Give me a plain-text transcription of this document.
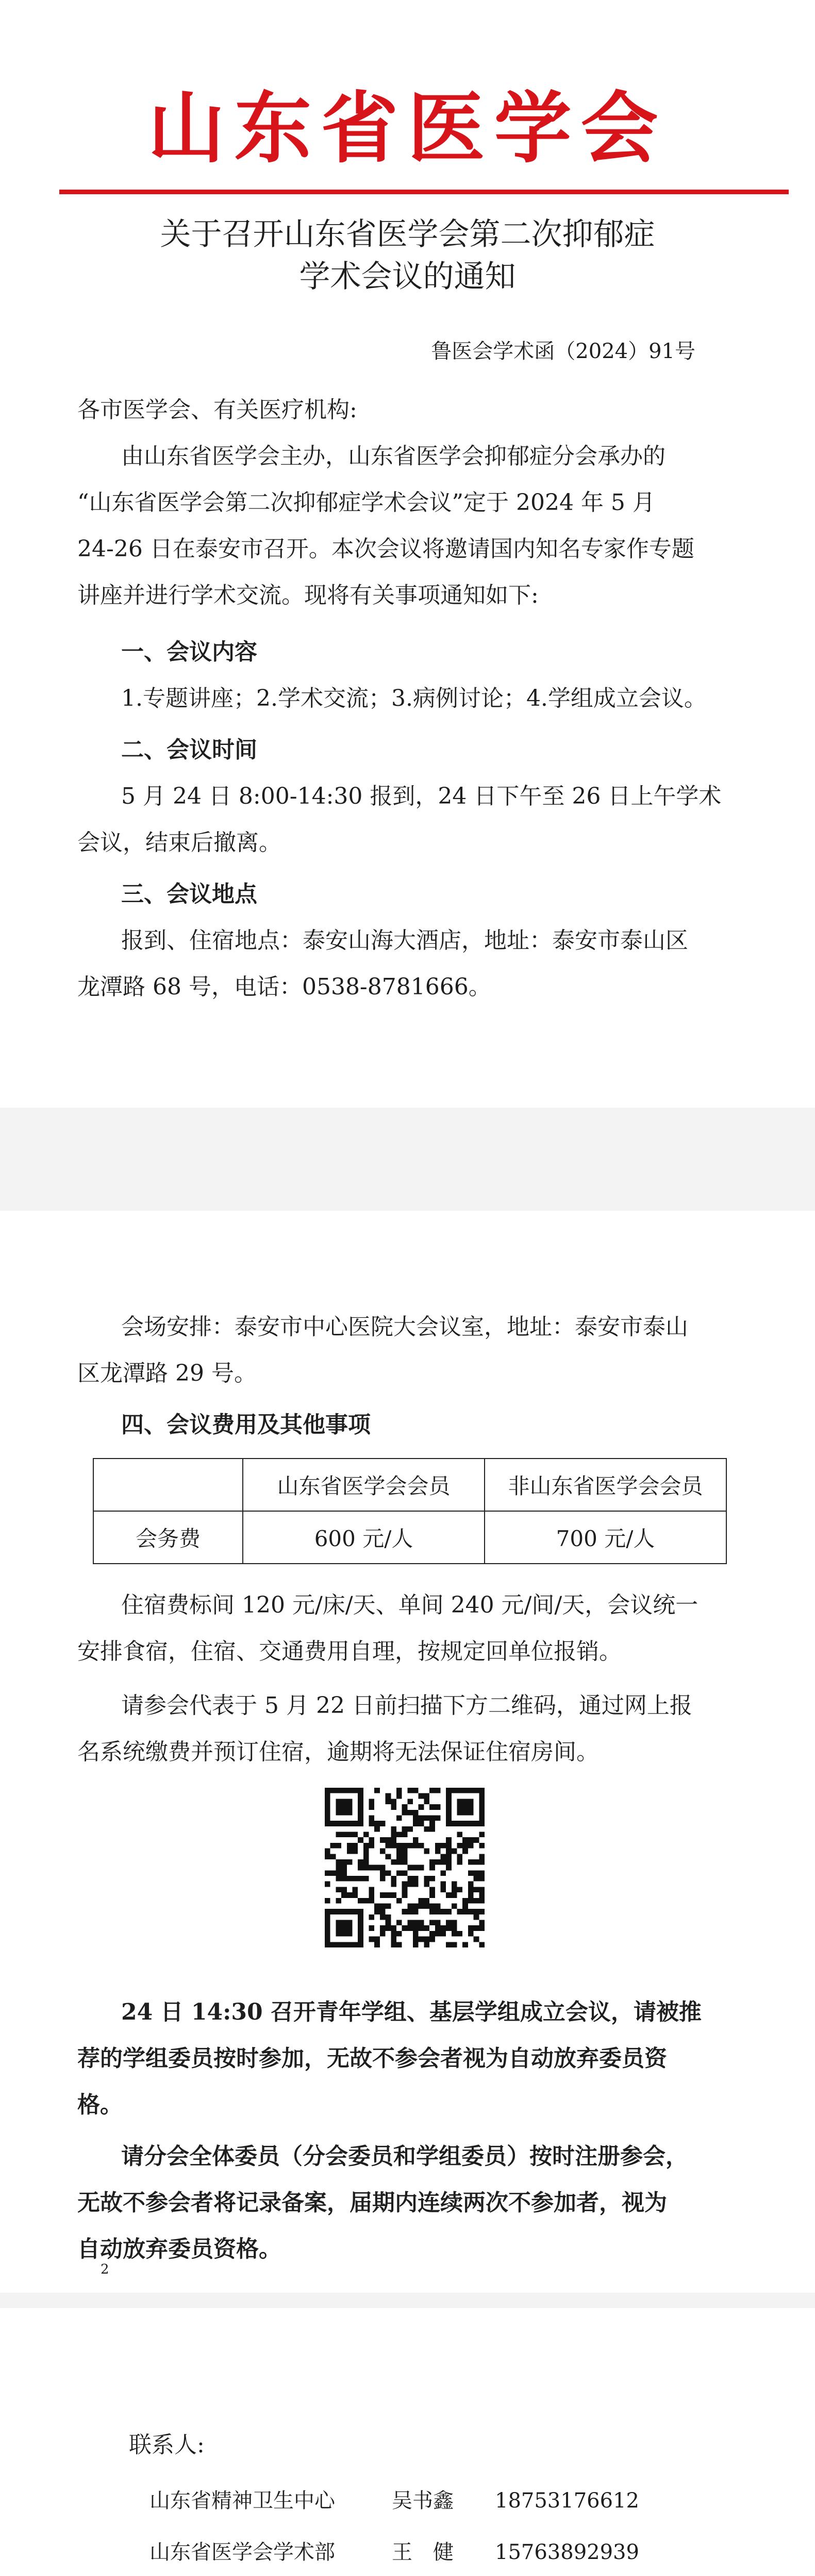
山东省医学会
关于召开山东省医学会第二次抑郁症
学术会议的通知
鲁医会学术函（2024）91号
各市医学会、有关医疗机构:
由山东省医学会主办，山东省医学会抑郁症分会承办的
“山东省医学会第二次抑郁症学术会议”定于 2024 年 5 月
24-26 日在泰安市召开。本次会议将邀请国内知名专家作专题
讲座并进行学术交流。现将有关事项通知如下:
一、会议内容
1.专题讲座；2.学术交流；3.病例讨论；4.学组成立会议。
二、会议时间
5 月 24 日 8:00-14:30 报到，24 日下午至 26 日上午学术
会议，结束后撤离。
三、会议地点
报到、住宿地点：泰安山海大酒店，地址：泰安市泰山区
龙潭路 68 号，电话：0538-8781666。
会场安排：泰安市中心医院大会议室，地址：泰安市泰山
区龙潭路 29 号。
四、会议费用及其他事项
	山东省医学会会员	非山东省医学会会员
会务费	600 元/人	700 元/人
住宿费标间 120 元/床/天、单间 240 元/间/天，会议统一
安排食宿，住宿、交通费用自理，按规定回单位报销。
请参会代表于 5 月 22 日前扫描下方二维码，通过网上报
名系统缴费并预订住宿，逾期将无法保证住宿房间。
24 日 14:30 召开青年学组、基层学组成立会议，请被推
荐的学组委员按时参加，无故不参会者视为自动放弃委员资
格。
请分会全体委员（分会委员和学组委员）按时注册参会，
无故不参会者将记录备案，届期内连续两次不参加者，视为
自动放弃委员资格。
2
联系人:
山东省精神卫生中心	吴书鑫 18753176612
山东省医学会学术部	王　健 15763892939
